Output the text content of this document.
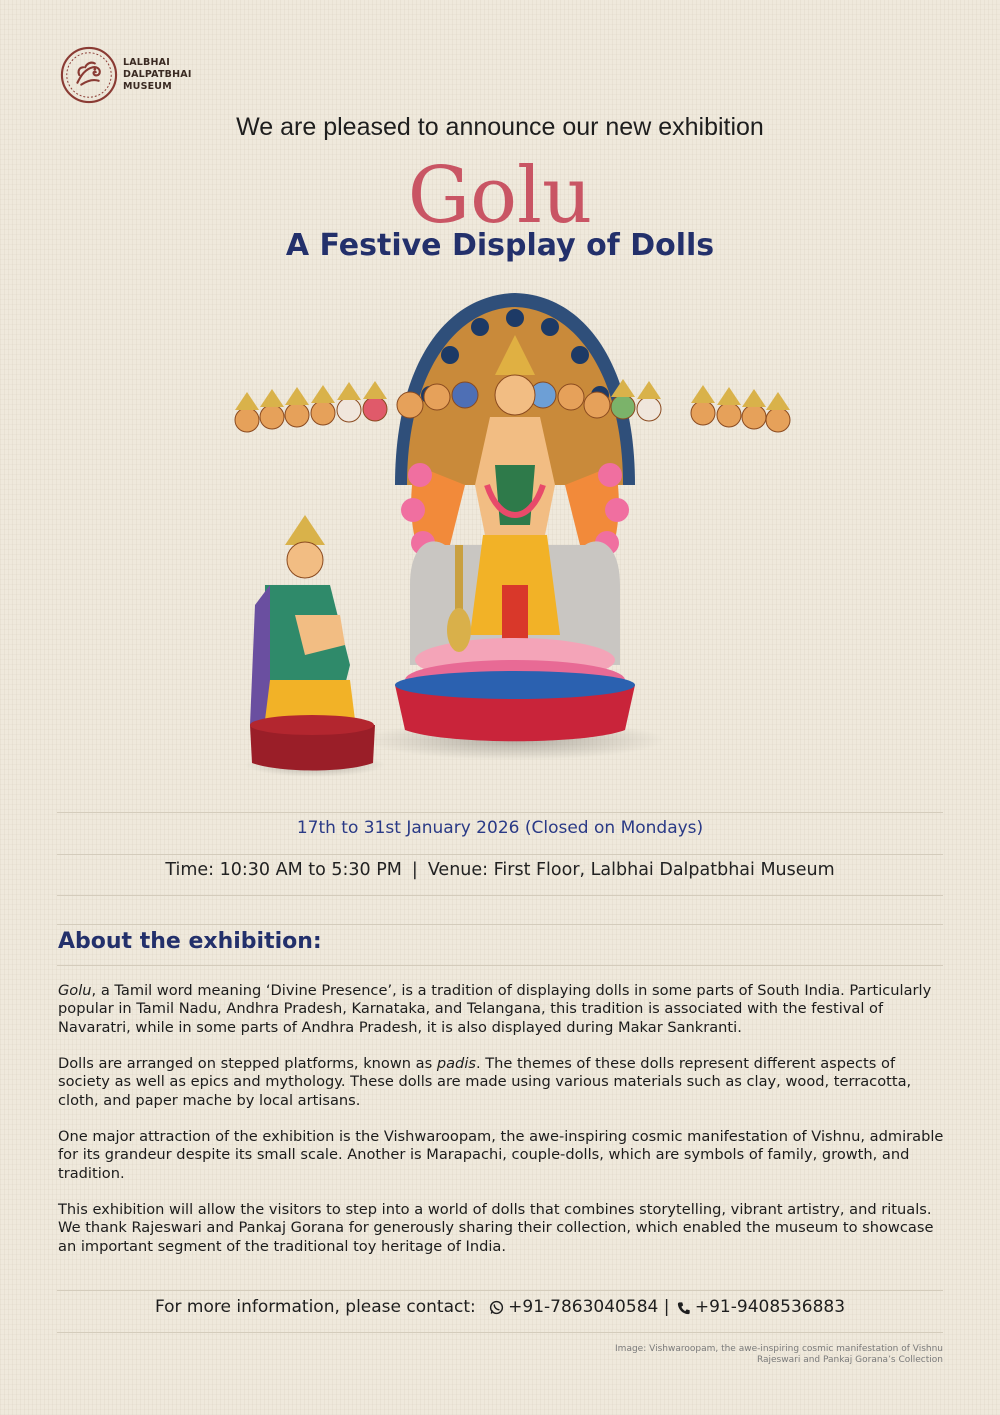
LALBHAI
DALPATBHAI
MUSEUM
We are pleased to announce our new exhibition
Golu
A Festive Display of Dolls
17th to 31st January 2026 (Closed on Mondays)
Time: 10:30 AM to 5:30 PM | Venue: First Floor, Lalbhai Dalpatbhai Museum
About the exhibition:

Golu, a Tamil word meaning ‘Divine Presence’, is a tradition of displaying dolls in some parts of South India. Particularly popular in Tamil Nadu, Andhra Pradesh, Karnataka, and Telangana, this tradition is associated with the festival of Navaratri, while in some parts of Andhra Pradesh, it is also displayed during Makar Sankranti.

Dolls are arranged on stepped platforms, known as padis. The themes of these dolls represent different aspects of society as well as epics and mythology. These dolls are made using various materials such as clay, wood, terracotta, cloth, and paper mache by local artisans.

One major attraction of the exhibition is the Vishwaroopam, the awe-inspiring cosmic manifestation of Vishnu, admirable for its grandeur despite its small scale. Another is Marapachi, couple-dolls, which are symbols of family, growth, and tradition.

This exhibition will allow the visitors to step into a world of dolls that combines storytelling, vibrant artistry, and rituals. We thank Rajeswari and Pankaj Gorana for generously sharing their collection, which enabled the museum to showcase an important segment of the traditional toy heritage of India.

For more information, please contact: +91-7863040584 | +91-9408536883
Image: Vishwaroopam, the awe-inspiring cosmic manifestation of Vishnu
Rajeswari and Pankaj Gorana’s Collection
